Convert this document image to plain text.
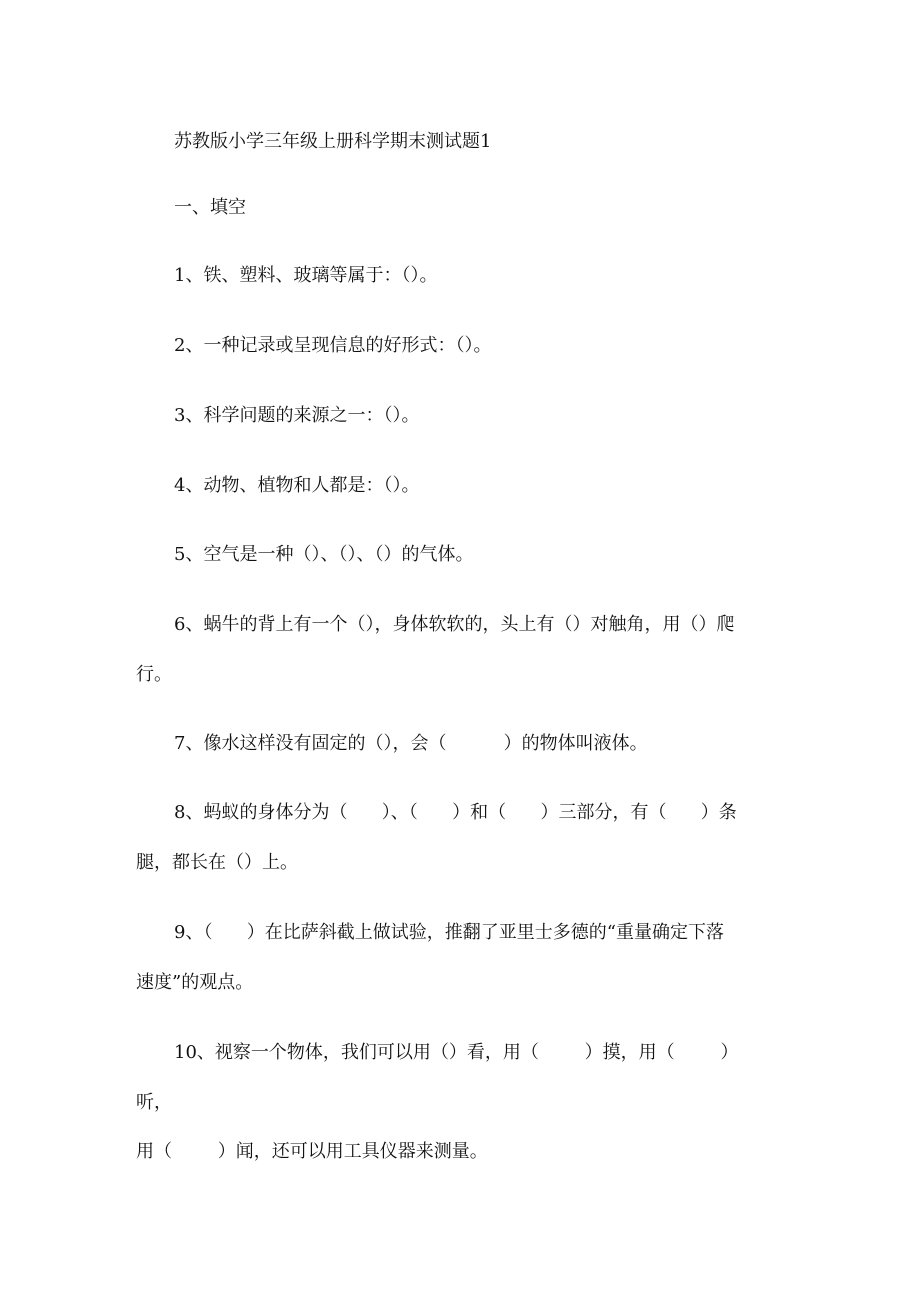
苏教版小学三年级上册科学期末测试题1
一、填空
1、铁、塑料、玻璃等属于：（）。
2、一种记录或呈现信息的好形式：（）。
3、科学问题的来源之一：（）。
4、动物、植物和人都是：（）。
5、空气是一种（）、（）、（）的气体。
6、蜗牛的背上有一个（），身体软软的，头上有（）对触角，用（）爬
行。
7、像水这样没有固定的（），会（          ）的物体叫液体。
8、蚂蚁的身体分为（      ）、（      ）和（      ）三部分，有（      ）条
腿，都长在（）上。
9、（      ）在比萨斜截上做试验，推翻了亚里士多德的“重量确定下落
速度”的观点。
10、视察一个物体，我们可以用（）看，用（        ）摸，用（        ）
听，
用（        ）闻，还可以用工具仪器来测量。
